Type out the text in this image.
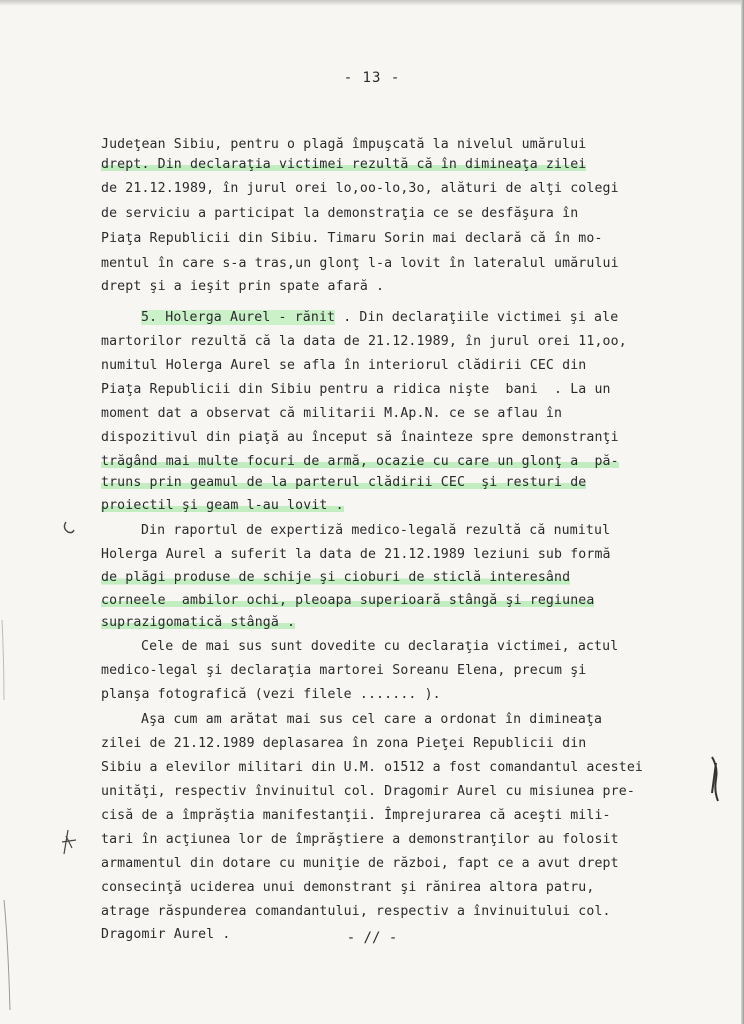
- 13 -
Judeţean Sibiu, pentru o plagă împuşcată la nivelul umărului
drept. Din declaraţia victimei rezultă că în dimineaţa zilei
de 21.12.1989, în jurul orei lo,oo-lo,3o, alături de alţi colegi
de serviciu a participat la demonstraţia ce se desfăşura în
Piaţa Republicii din Sibiu. Timaru Sorin mai declară că în mo-
mentul în care s-a tras,un glonţ l-a lovit în lateralul umărului
drept şi a ieşit prin spate afară .
5. Holerga Aurel - rănit . Din declaraţiile victimei şi ale
martorilor rezultă că la data de 21.12.1989, în jurul orei 11,oo,
numitul Holerga Aurel se afla în interiorul clădirii CEC din
Piaţa Republicii din Sibiu pentru a ridica nişte  bani  . La un
moment dat a observat că militarii M.Ap.N. ce se aflau în
dispozitivul din piaţă au început să înainteze spre demonstranţi
trăgând mai multe focuri de armă, ocazie cu care un glonţ a  pă-
truns prin geamul de la parterul clădirii CEC  şi resturi de
proiectil şi geam l-au lovit .
Din raportul de expertiză medico-legală rezultă că numitul
Holerga Aurel a suferit la data de 21.12.1989 leziuni sub formă
de plăgi produse de schije şi cioburi de sticlă interesând
corneele  ambilor ochi, pleoapa superioară stângă şi regiunea
suprazigomatică stângă .
Cele de mai sus sunt dovedite cu declaraţia victimei, actul
medico-legal şi declaraţia martorei Soreanu Elena, precum şi
planşa fotografică (vezi filele ....... ).
Aşa cum am arătat mai sus cel care a ordonat în dimineaţa
zilei de 21.12.1989 deplasarea în zona Pieţei Republicii din
Sibiu a elevilor militari din U.M. o1512 a fost comandantul acestei
unităţi, respectiv învinuitul col. Dragomir Aurel cu misiunea pre-
cisă de a împrăştia manifestanţii. Împrejurarea că aceşti mili-
tari în acţiunea lor de împrăştiere a demonstranţilor au folosit
armamentul din dotare cu muniţie de război, fapt ce a avut drept
consecinţă uciderea unui demonstrant şi rănirea altora patru,
atrage răspunderea comandantului, respectiv a învinuitului col.
Dragomir Aurel .	- // -
